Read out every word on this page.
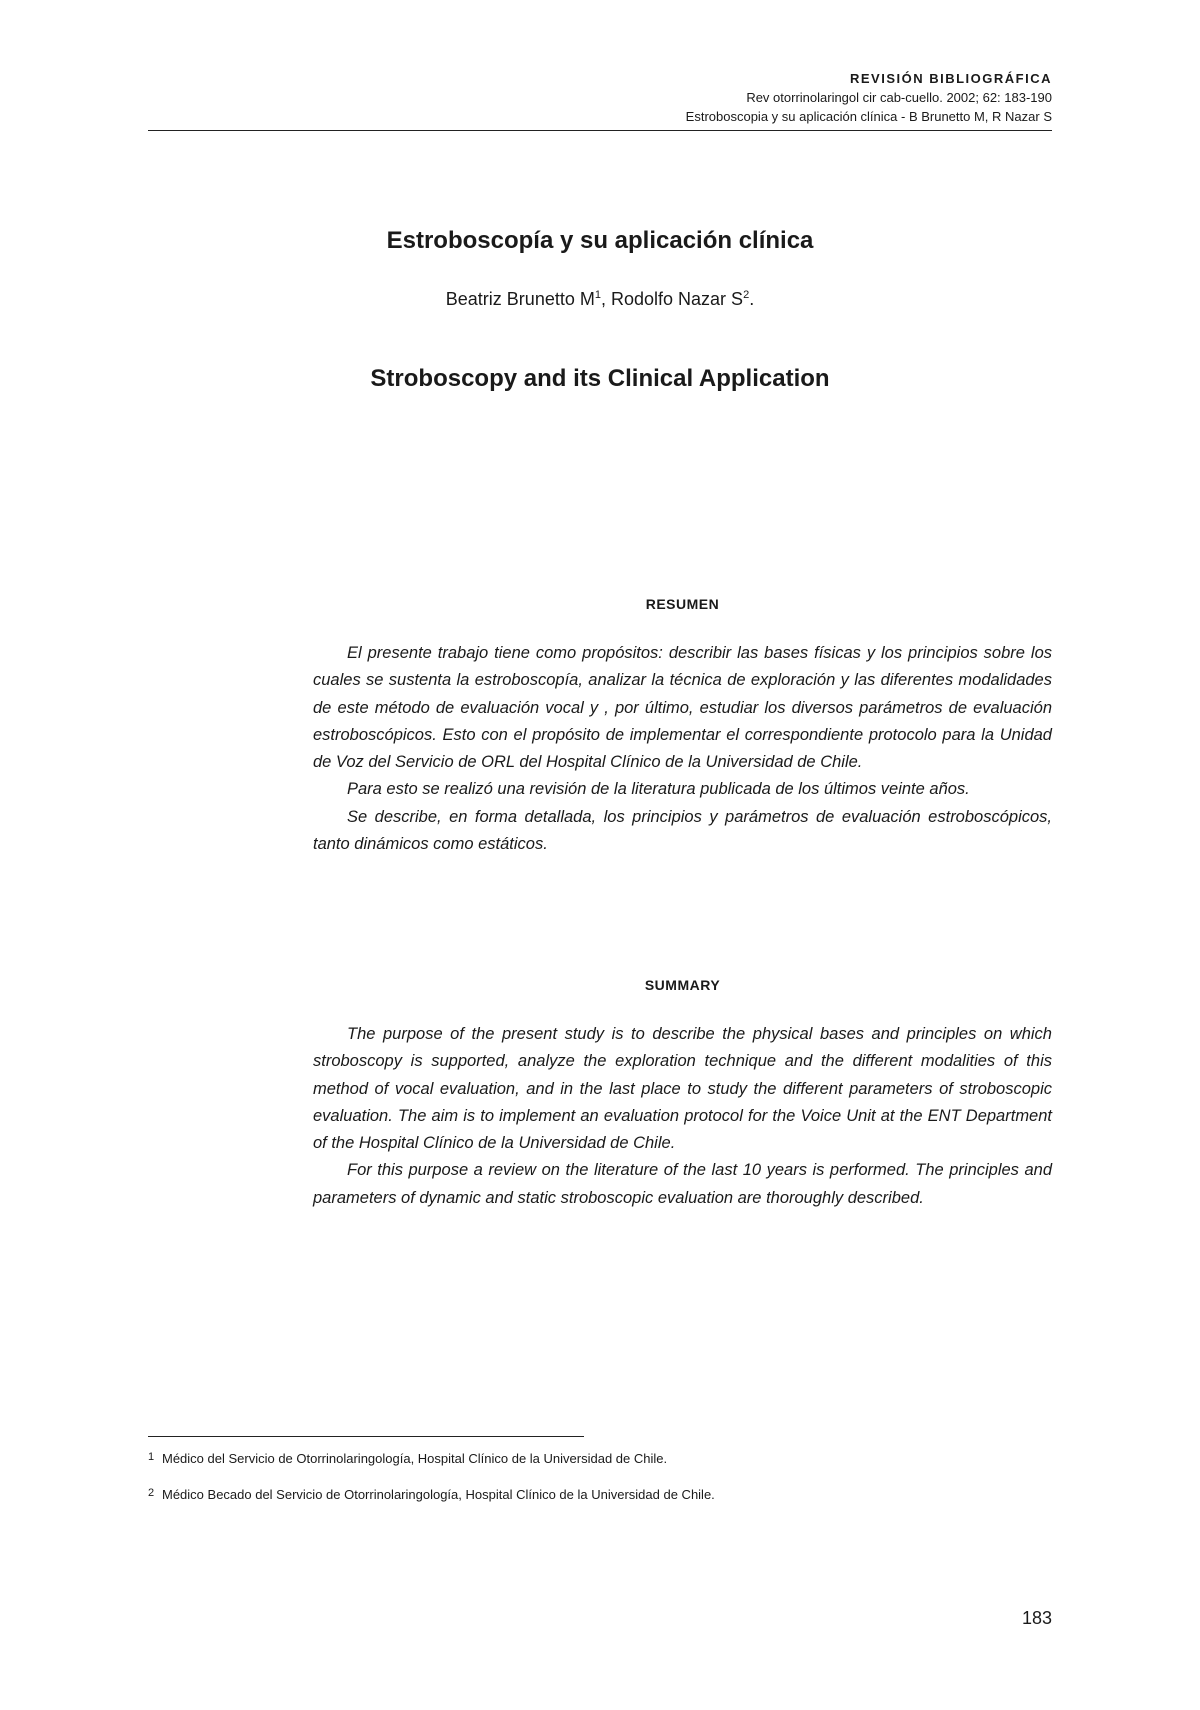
REVISIÓN BIBLIOGRÁFICA
Rev otorrinolaringol cir cab-cuello. 2002; 62: 183-190
Estroboscopia y su aplicación clínica - B Brunetto M, R Nazar S
Estroboscopía y su aplicación clínica
Beatriz Brunetto $M^1$, Rodolfo Nazar $S^2$.
Stroboscopy and its Clinical Application
RESUMEN

El presente trabajo tiene como propósitos: describir las bases físicas y los principios sobre los cuales se sustenta la estroboscopía, analizar la técnica de exploración y las diferentes modalidades de este método de evaluación vocal y , por último, estudiar los diversos parámetros de evaluación estroboscópicos. Esto con el propósito de implementar el correspondiente protocolo para la Unidad de Voz del Servicio de ORL del Hospital Clínico de la Universidad de Chile.

Para esto se realizó una revisión de la literatura publicada de los últimos veinte años.

Se describe, en forma detallada, los principios y parámetros de evaluación estroboscópicos, tanto dinámicos como estáticos.

SUMMARY

The purpose of the present study is to describe the physical bases and principles on which stroboscopy is supported, analyze the exploration technique and the different modalities of this method of vocal evaluation, and in the last place to study the different parameters of stroboscopic evaluation. The aim is to implement an evaluation protocol for the Voice Unit at the ENT Department of the Hospital Clínico de la Universidad de Chile.

For this purpose a review on the literature of the last 10 years is performed. The principles and parameters of dynamic and static stroboscopic evaluation are thoroughly described.

1 Médico del Servicio de Otorrinolaringología, Hospital Clínico de la Universidad de Chile.
2 Médico Becado del Servicio de Otorrinolaringología, Hospital Clínico de la Universidad de Chile.
183
